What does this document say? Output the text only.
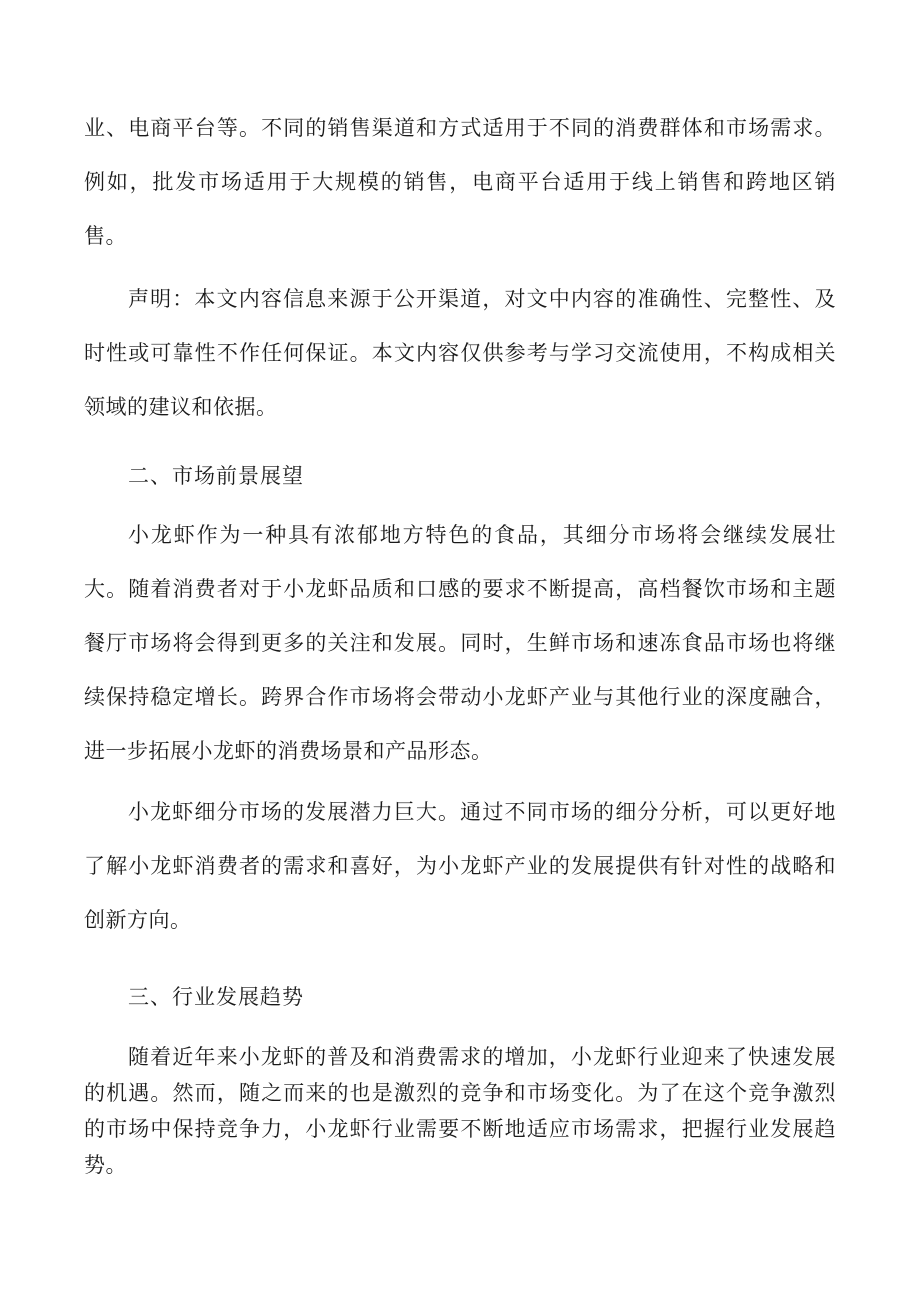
业、电商平台等。不同的销售渠道和方式适用于不同的消费群体和市场需求。例如，批发市场适用于大规模的销售，电商平台适用于线上销售和跨地区销售。

声明：本文内容信息来源于公开渠道，对文中内容的准确性、完整性、及时性或可靠性不作任何保证。本文内容仅供参考与学习交流使用，不构成相关领域的建议和依据。

二、市场前景展望

小龙虾作为一种具有浓郁地方特色的食品，其细分市场将会继续发展壮大。随着消费者对于小龙虾品质和口感的要求不断提高，高档餐饮市场和主题餐厅市场将会得到更多的关注和发展。同时，生鲜市场和速冻食品市场也将继续保持稳定增长。跨界合作市场将会带动小龙虾产业与其他行业的深度融合，进一步拓展小龙虾的消费场景和产品形态。

小龙虾细分市场的发展潜力巨大。通过不同市场的细分分析，可以更好地了解小龙虾消费者的需求和喜好，为小龙虾产业的发展提供有针对性的战略和创新方向。

三、行业发展趋势

随着近年来小龙虾的普及和消费需求的增加，小龙虾行业迎来了快速发展的机遇。然而，随之而来的也是激烈的竞争和市场变化。为了在这个竞争激烈的市场中保持竞争力，小龙虾行业需要不断地适应市场需求，把握行业发展趋势。
